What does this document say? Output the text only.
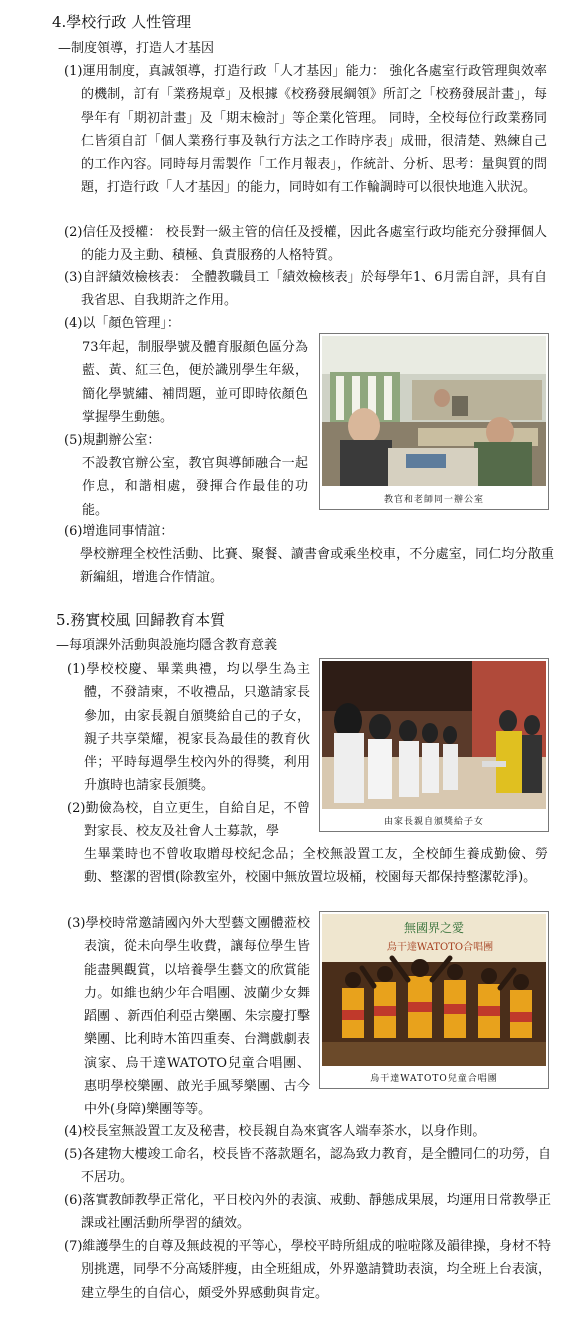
4.學校行政 人性管理
—制度領導，打造人才基因
(1)運用制度，真誠領導，打造行政「人才基因」能力： 強化各處室行政管理與效率的機制，訂有「業務規章」及根據《校務發展綱領》所訂之「校務發展計畫」，每學年有「期初計畫」及「期末檢討」等企業化管理。 同時，全校每位行政業務同仁皆須自訂「個人業務行事及執行方法之工作時序表」成冊，很清楚、熟練自己的工作內容。同時每月需製作「工作月報表」，作統計、分析、思考：量與質的問題，打造行政「人才基因」的能力，同時如有工作輪調時可以很快地進入狀況。
(2)信任及授權： 校長對一級主管的信任及授權，因此各處室行政均能充分發揮個人的能力及主動、積極、負責服務的人格特質。
(3)自評績效檢核表： 全體教職員工「績效檢核表」於每學年1、6月需自評，具有自我省思、自我期許之作用。
(4)以「顏色管理」：
73年起，制服學號及體育服顏色區分為藍、黃、紅三色，便於識別學生年級，簡化學號繡、補問題，並可即時依顏色掌握學生動態。
(5)規劃辦公室：
不設教官辦公室，教官與導師融合一起作息，和諧相處，發揮合作最佳的功能。
(6)增進同事情誼：
學校辦理全校性活動、比賽、聚餐、讀書會或乘坐校車，不分處室，同仁均分散重新編組，增進合作情誼。
教官和老師同一辦公室
5.務實校風 回歸教育本質
—每項課外活動與設施均隱含教育意義
(1)學校校慶、畢業典禮，均以學生為主體，不發請柬，不收禮品，只邀請家長參加，由家長親自頒獎給自己的子女，親子共享榮耀，視家長為最佳的教育伙伴；平時每週學生校內外的得獎，利用升旗時也請家長頒獎。
(2)勤儉為校，自立更生，自給自足，不曾對家長、校友及社會人士募款，學
生畢業時也不曾收取贈母校紀念品；全校無設置工友，全校師生養成勤儉、勞動、整潔的習慣(除教室外，校園中無放置垃圾桶，校園每天都保持整潔乾淨)。
(3)學校時常邀請國內外大型藝文團體蒞校表演，從未向學生收費，讓每位學生皆能盡興觀賞，以培養學生藝文的欣賞能力。如維也納少年合唱團、波蘭少女舞蹈團 、新西伯利亞古樂團、朱宗慶打擊樂團、比利時木笛四重奏、台灣戲劇表演家、烏干達WATOTO兒童合唱團、惠明學校樂團、啟光手風琴樂團、古今中外(身障)樂團等等。
(4)校長室無設置工友及秘書，校長親自為來賓客人端奉茶水，以身作則。
(5)各建物大樓竣工命名，校長皆不落款題名，認為致力教育，是全體同仁的功勞，自不居功。
(6)落實教師教學正常化，平日校內外的表演、戒動、靜態成果展，均運用日常教學正課或社團活動所學習的績效。
(7)維護學生的自尊及無歧視的平等心，學校平時所組成的啦啦隊及韻律操，身材不特別挑選，同學不分高矮胖瘦，由全班組成，外界邀請贊助表演，均全班上台表演，建立學生的自信心，頗受外界感動與肯定。
由家長親自頒獎給子女
無國界之愛
烏干達WATOTO合唱團
烏干達WATOTO兒童合唱團
